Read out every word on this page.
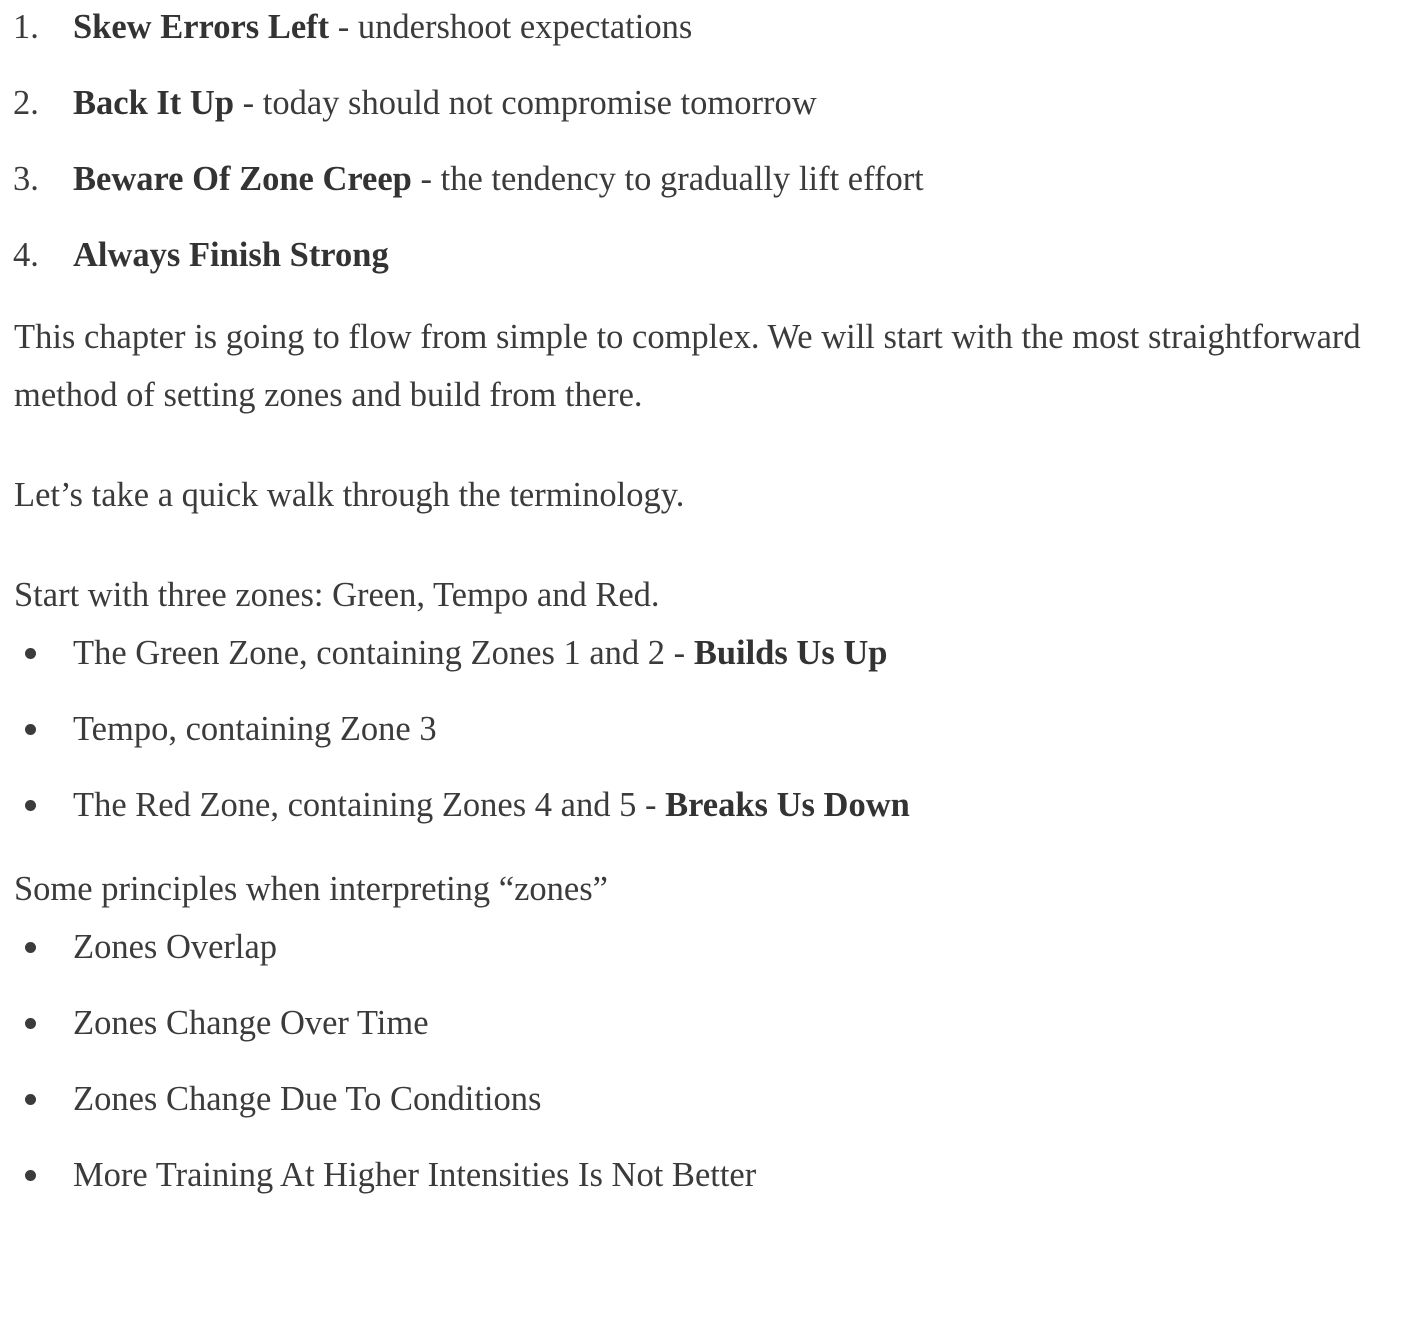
1. Skew Errors Left - undershoot expectations
2. Back It Up - today should not compromise tomorrow
3. Beware Of Zone Creep - the tendency to gradually lift effort
4. Always Finish Strong

This chapter is going to flow from simple to complex. We will start with the most straightforward method of setting zones and build from there.

Let’s take a quick walk through the terminology.

Start with three zones: Green, Tempo and Red.

The Green Zone, containing Zones 1 and 2 - Builds Us Up
Tempo, containing Zone 3
The Red Zone, containing Zones 4 and 5 - Breaks Us Down

Some principles when interpreting “zones”

Zones Overlap
Zones Change Over Time
Zones Change Due To Conditions
More Training At Higher Intensities Is Not Better
